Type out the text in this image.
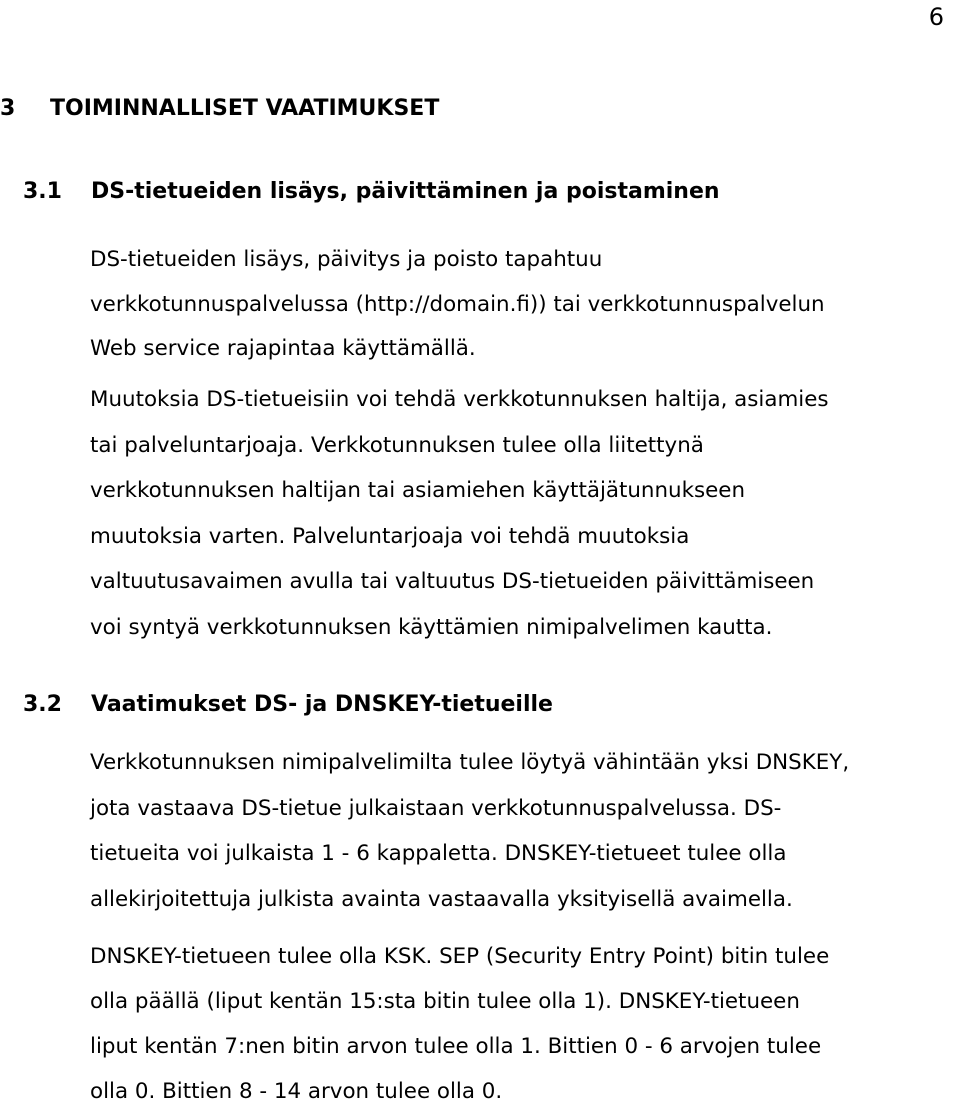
6
3 TOIMINNALLISET VAATIMUKSET
3.1 DS-tietueiden lisäys, päivittäminen ja poistaminen

DS-tietueiden lisäys, päivitys ja poisto tapahtuu
verkkotunnuspalvelussa (http://domain.fi)) tai verkkotunnuspalvelun
Web service rajapintaa käyttämällä.

Muutoksia DS-tietueisiin voi tehdä verkkotunnuksen haltija, asiamies
tai palveluntarjoaja. Verkkotunnuksen tulee olla liitettynä
verkkotunnuksen haltijan tai asiamiehen käyttäjätunnukseen
muutoksia varten. Palveluntarjoaja voi tehdä muutoksia
valtuutusavaimen avulla tai valtuutus DS-tietueiden päivittämiseen
voi syntyä verkkotunnuksen käyttämien nimipalvelimen kautta.

3.2 Vaatimukset DS- ja DNSKEY-tietueille

Verkkotunnuksen nimipalvelimilta tulee löytyä vähintään yksi DNSKEY,
jota vastaava DS-tietue julkaistaan verkkotunnuspalvelussa. DS-
tietueita voi julkaista 1 - 6 kappaletta. DNSKEY-tietueet tulee olla
allekirjoitettuja julkista avainta vastaavalla yksityisellä avaimella.

DNSKEY-tietueen tulee olla KSK. SEP (Security Entry Point) bitin tulee
olla päällä (liput kentän 15:sta bitin tulee olla 1). DNSKEY-tietueen
liput kentän 7:nen bitin arvon tulee olla 1. Bittien 0 - 6 arvojen tulee
olla 0. Bittien 8 - 14 arvon tulee olla 0.
